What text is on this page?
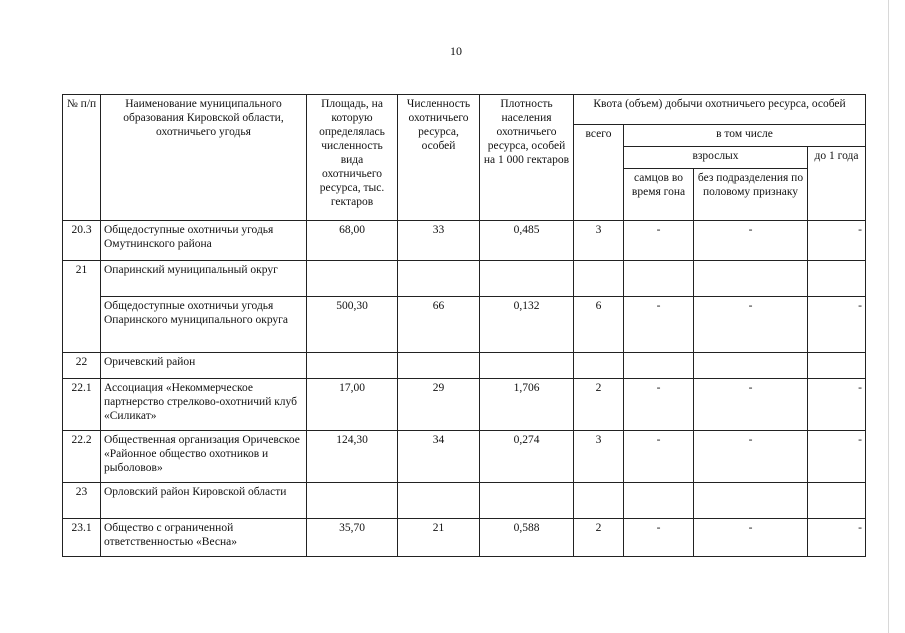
10
№ п/п	Наименование муниципального образования Кировской области, охотничьего угодья	Площадь, на которую определялась численность вида охотничьего ресурса, тыс. гектаров	Численность охотничьего ресурса, особей	Плотность населения охотничьего ресурса, особей на 1 000 гектаров	Квота (объем) добычи охотничьего ресурса, особей			
					всего	в том числе		
						взрослых		до 1 года
						самцов во время гона	без подразделения по половому признаку	
20.3	Общедоступные охотничьи угодья Омутнинского района	68,00	33	0,485	3	-	-	-
21	Опаринский муниципальный округ							
	Общедоступные охотничьи угодья Опаринского муниципального округа	500,30	66	0,132	6	-	-	-
22	Оричевский район							
22.1	Ассоциация «Некоммерческое партнерство стрелково-охотничий клуб «Силикат»	17,00	29	1,706	2	-	-	-
22.2	Общественная организация Оричевское «Районное общество охотников и рыболовов»	124,30	34	0,274	3	-	-	-
23	Орловский район Кировской области							
23.1	Общество с ограниченной ответственностью «Весна»	35,70	21	0,588	2	-	-	-
